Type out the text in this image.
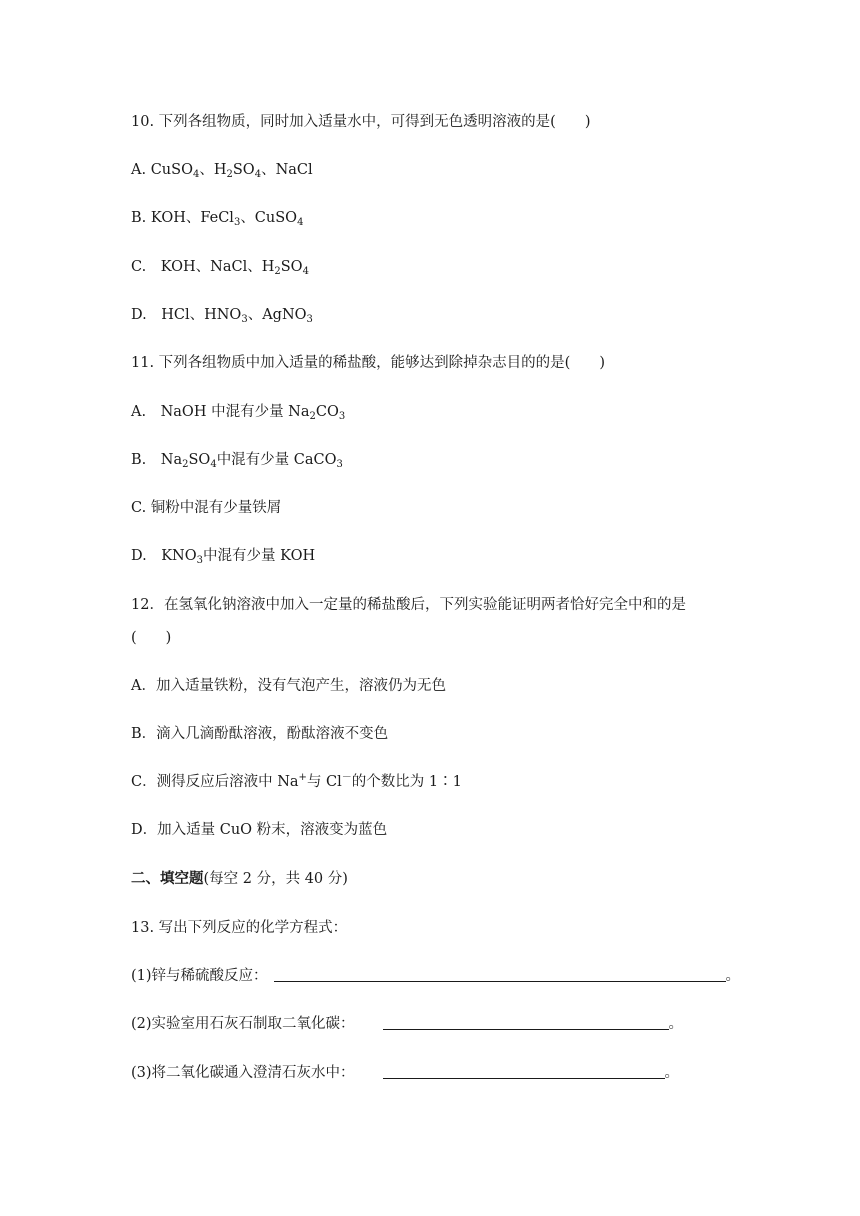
10. 下列各组物质，同时加入适量水中，可得到无色透明溶液的是(　　)
A. CuSO$_4$、$H_2SO_4$、NaCl
B. KOH、FeCl$_3$、CuSO$_4$
C.　KOH、NaCl、$H_2SO_4$
D.　HCl、$HNO_3$、AgNO$_3$
11. 下列各组物质中加入适量的稀盐酸，能够达到除掉杂志目的的是(　　)
A.　NaOH 中混有少量 $Na_2CO_3$
B.　$Na_2SO_4$中混有少量 CaCO$_3$
C. 铜粉中混有少量铁屑
D.　$KNO_3$中混有少量 KOH
12．在氢氧化钠溶液中加入一定量的稀盐酸后，下列实验能证明两者恰好完全中和的是
(　　)
A．加入适量铁粉，没有气泡产生，溶液仍为无色
B．滴入几滴酚酞溶液，酚酞溶液不变色
C．测得反应后溶液中 Na+与 Cl－的个数比为 1∶1
D．加入适量 CuO 粉末，溶液变为蓝色
二、填空题(每空 2 分，共 40 分)
13. 写出下列反应的化学方程式：
(1)锌与稀硫酸反应：	。
(2)实验室用石灰石制取二氧化碳：	。
(3)将二氧化碳通入澄清石灰水中：	。
